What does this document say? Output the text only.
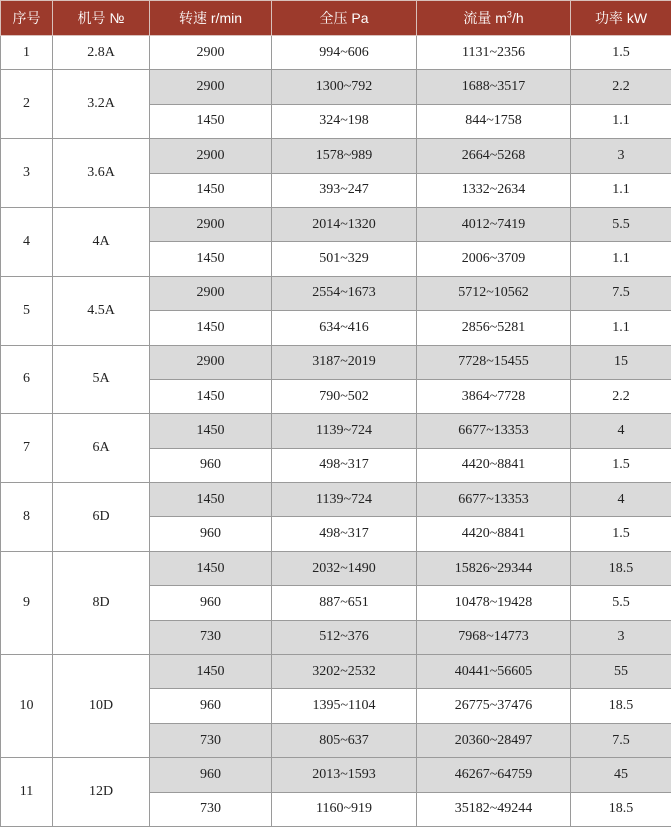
序号	机号 №	转速 r/min	全压 Pa	流量 $m^3/h$	功率 kW
1	2.8A	2900	994~606	1131~2356	1.5
2	3.2A	2900	1300~792	1688~3517	2.2
		1450	324~198	844~1758	1.1
3	3.6A	2900	1578~989	2664~5268	3
		1450	393~247	1332~2634	1.1
4	4A	2900	2014~1320	4012~7419	5.5
		1450	501~329	2006~3709	1.1
5	4.5A	2900	2554~1673	5712~10562	7.5
		1450	634~416	2856~5281	1.1
6	5A	2900	3187~2019	7728~15455	15
		1450	790~502	3864~7728	2.2
7	6A	1450	1139~724	6677~13353	4
		960	498~317	4420~8841	1.5
8	6D	1450	1139~724	6677~13353	4
		960	498~317	4420~8841	1.5
9	8D	1450	2032~1490	15826~29344	18.5
		960	887~651	10478~19428	5.5
		730	512~376	7968~14773	3
10	10D	1450	3202~2532	40441~56605	55
		960	1395~1104	26775~37476	18.5
		730	805~637	20360~28497	7.5
11	12D	960	2013~1593	46267~64759	45
		730	1160~919	35182~49244	18.5
